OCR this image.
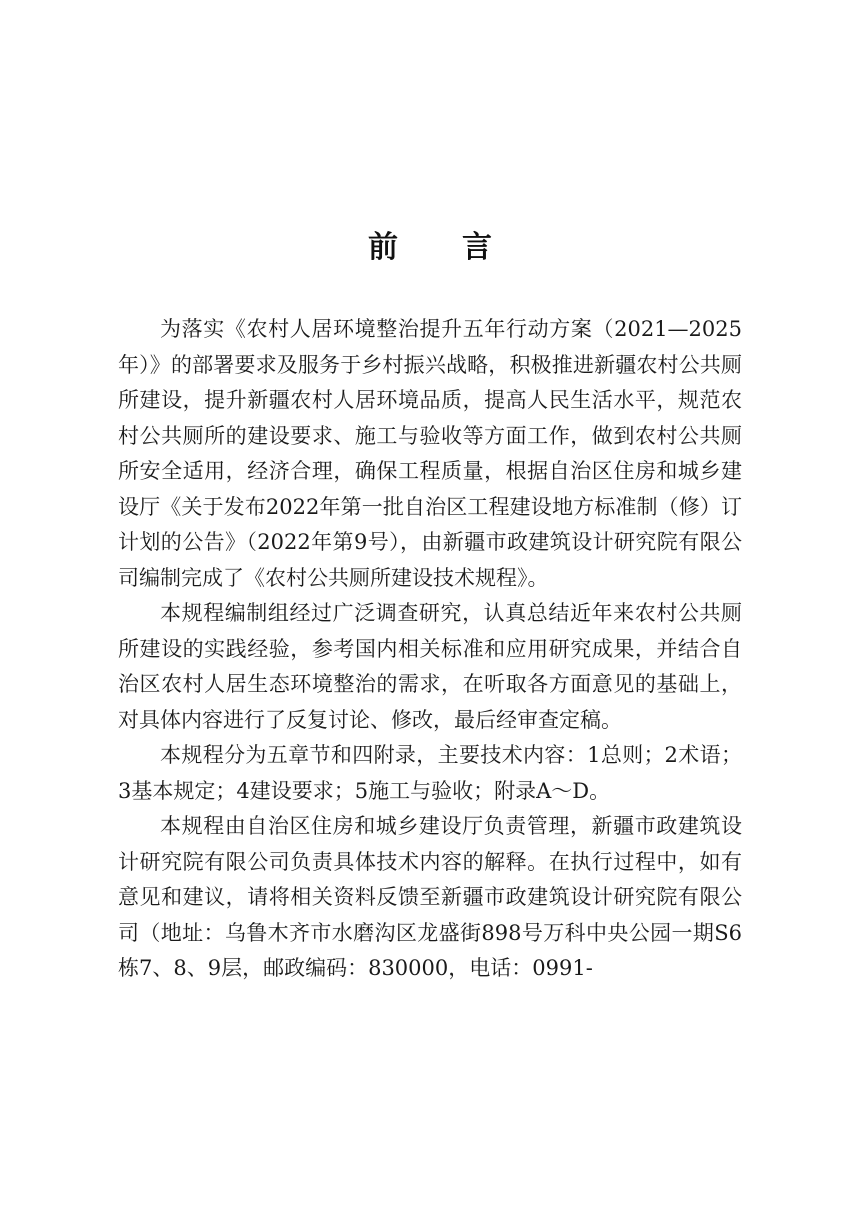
前言

为落实《农村人居环境整治提升五年行动方案（2021—2025年）》的部署要求及服务于乡村振兴战略，积极推进新疆农村公共厕所建设，提升新疆农村人居环境品质，提高人民生活水平，规范农村公共厕所的建设要求、施工与验收等方面工作，做到农村公共厕所安全适用，经济合理，确保工程质量，根据自治区住房和城乡建设厅《关于发布2022年第一批自治区工程建设地方标准制（修）订计划的公告》（2022年第9号），由新疆市政建筑设计研究院有限公司编制完成了《农村公共厕所建设技术规程》。

本规程编制组经过广泛调查研究，认真总结近年来农村公共厕所建设的实践经验，参考国内相关标准和应用研究成果，并结合自治区农村人居生态环境整治的需求，在听取各方面意见的基础上，对具体内容进行了反复讨论、修改，最后经审查定稿。

本规程分为五章节和四附录，主要技术内容：1总则；2术语；3基本规定；4建设要求；5施工与验收；附录A～D。

本规程由自治区住房和城乡建设厅负责管理，新疆市政建筑设计研究院有限公司负责具体技术内容的解释。在执行过程中，如有意见和建议，请将相关资料反馈至新疆市政建筑设计研究院有限公司（地址：乌鲁木齐市水磨沟区龙盛街898号万科中央公园一期S6栋7、8、9层，邮政编码：830000，电话：0991-
